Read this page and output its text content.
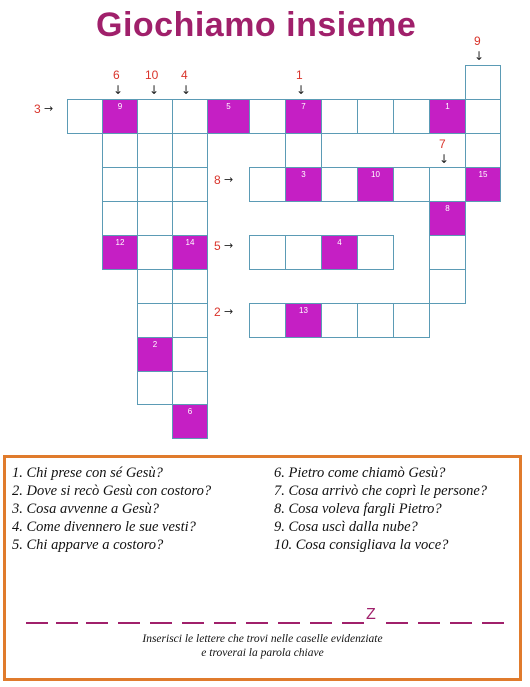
Giochiamo insieme	9
↓
6
↓
10
↓
4
↓
1
↓
7
↓
3 →
8 →
5 →
2 →
9	5	7	1
3	10	15
8
12	14	4
13
2
6

1. Chi prese con sé Gesù?

2. Dove si recò Gesù con costoro?

3. Cosa avvenne a Gesù?

4. Come divennero le sue vesti?

5. Chi apparve a costoro?

6. Pietro come chiamò Gesù?

7. Cosa arrivò che coprì le persone?

8. Cosa voleva fargli Pietro?

9. Cosa uscì dalla nube?

10. Cosa consigliava la voce?

Z
Inserisci le lettere che trovi nelle caselle evidenziate
e troverai la parola chiave
